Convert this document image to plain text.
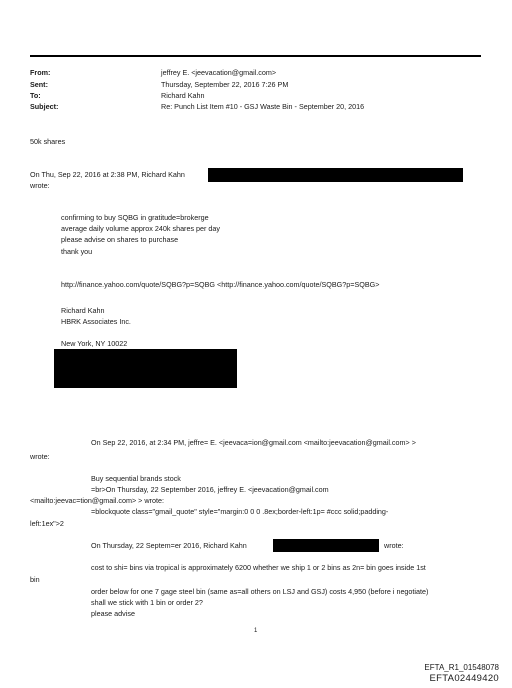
From:
Sent:
To:
Subject:
jeffrey E. <jeevacation@gmail.com>
Thursday, September 22, 2016 7:26 PM
Richard Kahn
Re: Punch List Item #10 - GSJ Waste Bin - September 20, 2016
50k shares
On Thu, Sep 22, 2016 at 2:38 PM, Richard Kahn
wrote:
confirming to buy SQBG in gratitude=brokerge
average daily volume approx 240k shares per day
please advise on shares to purchase
thank you
http://finance.yahoo.com/quote/SQBG?p=SQBG <http://finance.yahoo.com/quote/SQBG?p=SQBG>
Richard Kahn
HBRK Associates Inc.
New York, NY 10022
On Sep 22, 2016, at 2:34 PM, jeffre= E. <jeevaca=ion@gmail.com <mailto:jeevacation@gmail.com> >
wrote:
Buy sequential brands stock
=br>On Thursday, 22 September 2016, jeffrey E. <jeevacation@gmail.com
<mailto:jeevac=tion@gmail.com> > wrote:
=blockquote class="gmail_quote" style="margin:0 0 0 .8ex;border-left:1p= #ccc solid;padding-
left:1ex">2
On Thursday, 22 Septem=er 2016, Richard Kahn	wrote:
cost to shi= bins via tropical is approximately 6200 whether we ship 1 or 2 bins as 2n= bin goes inside 1st
bin
order below for one 7 gage steel bin (same as=all others on LSJ and GSJ) costs 4,950 (before i negotiate)
shall we stick with 1 bin or order 2?
please advise
1
EFTA_R1_01548078
EFTA02449420
